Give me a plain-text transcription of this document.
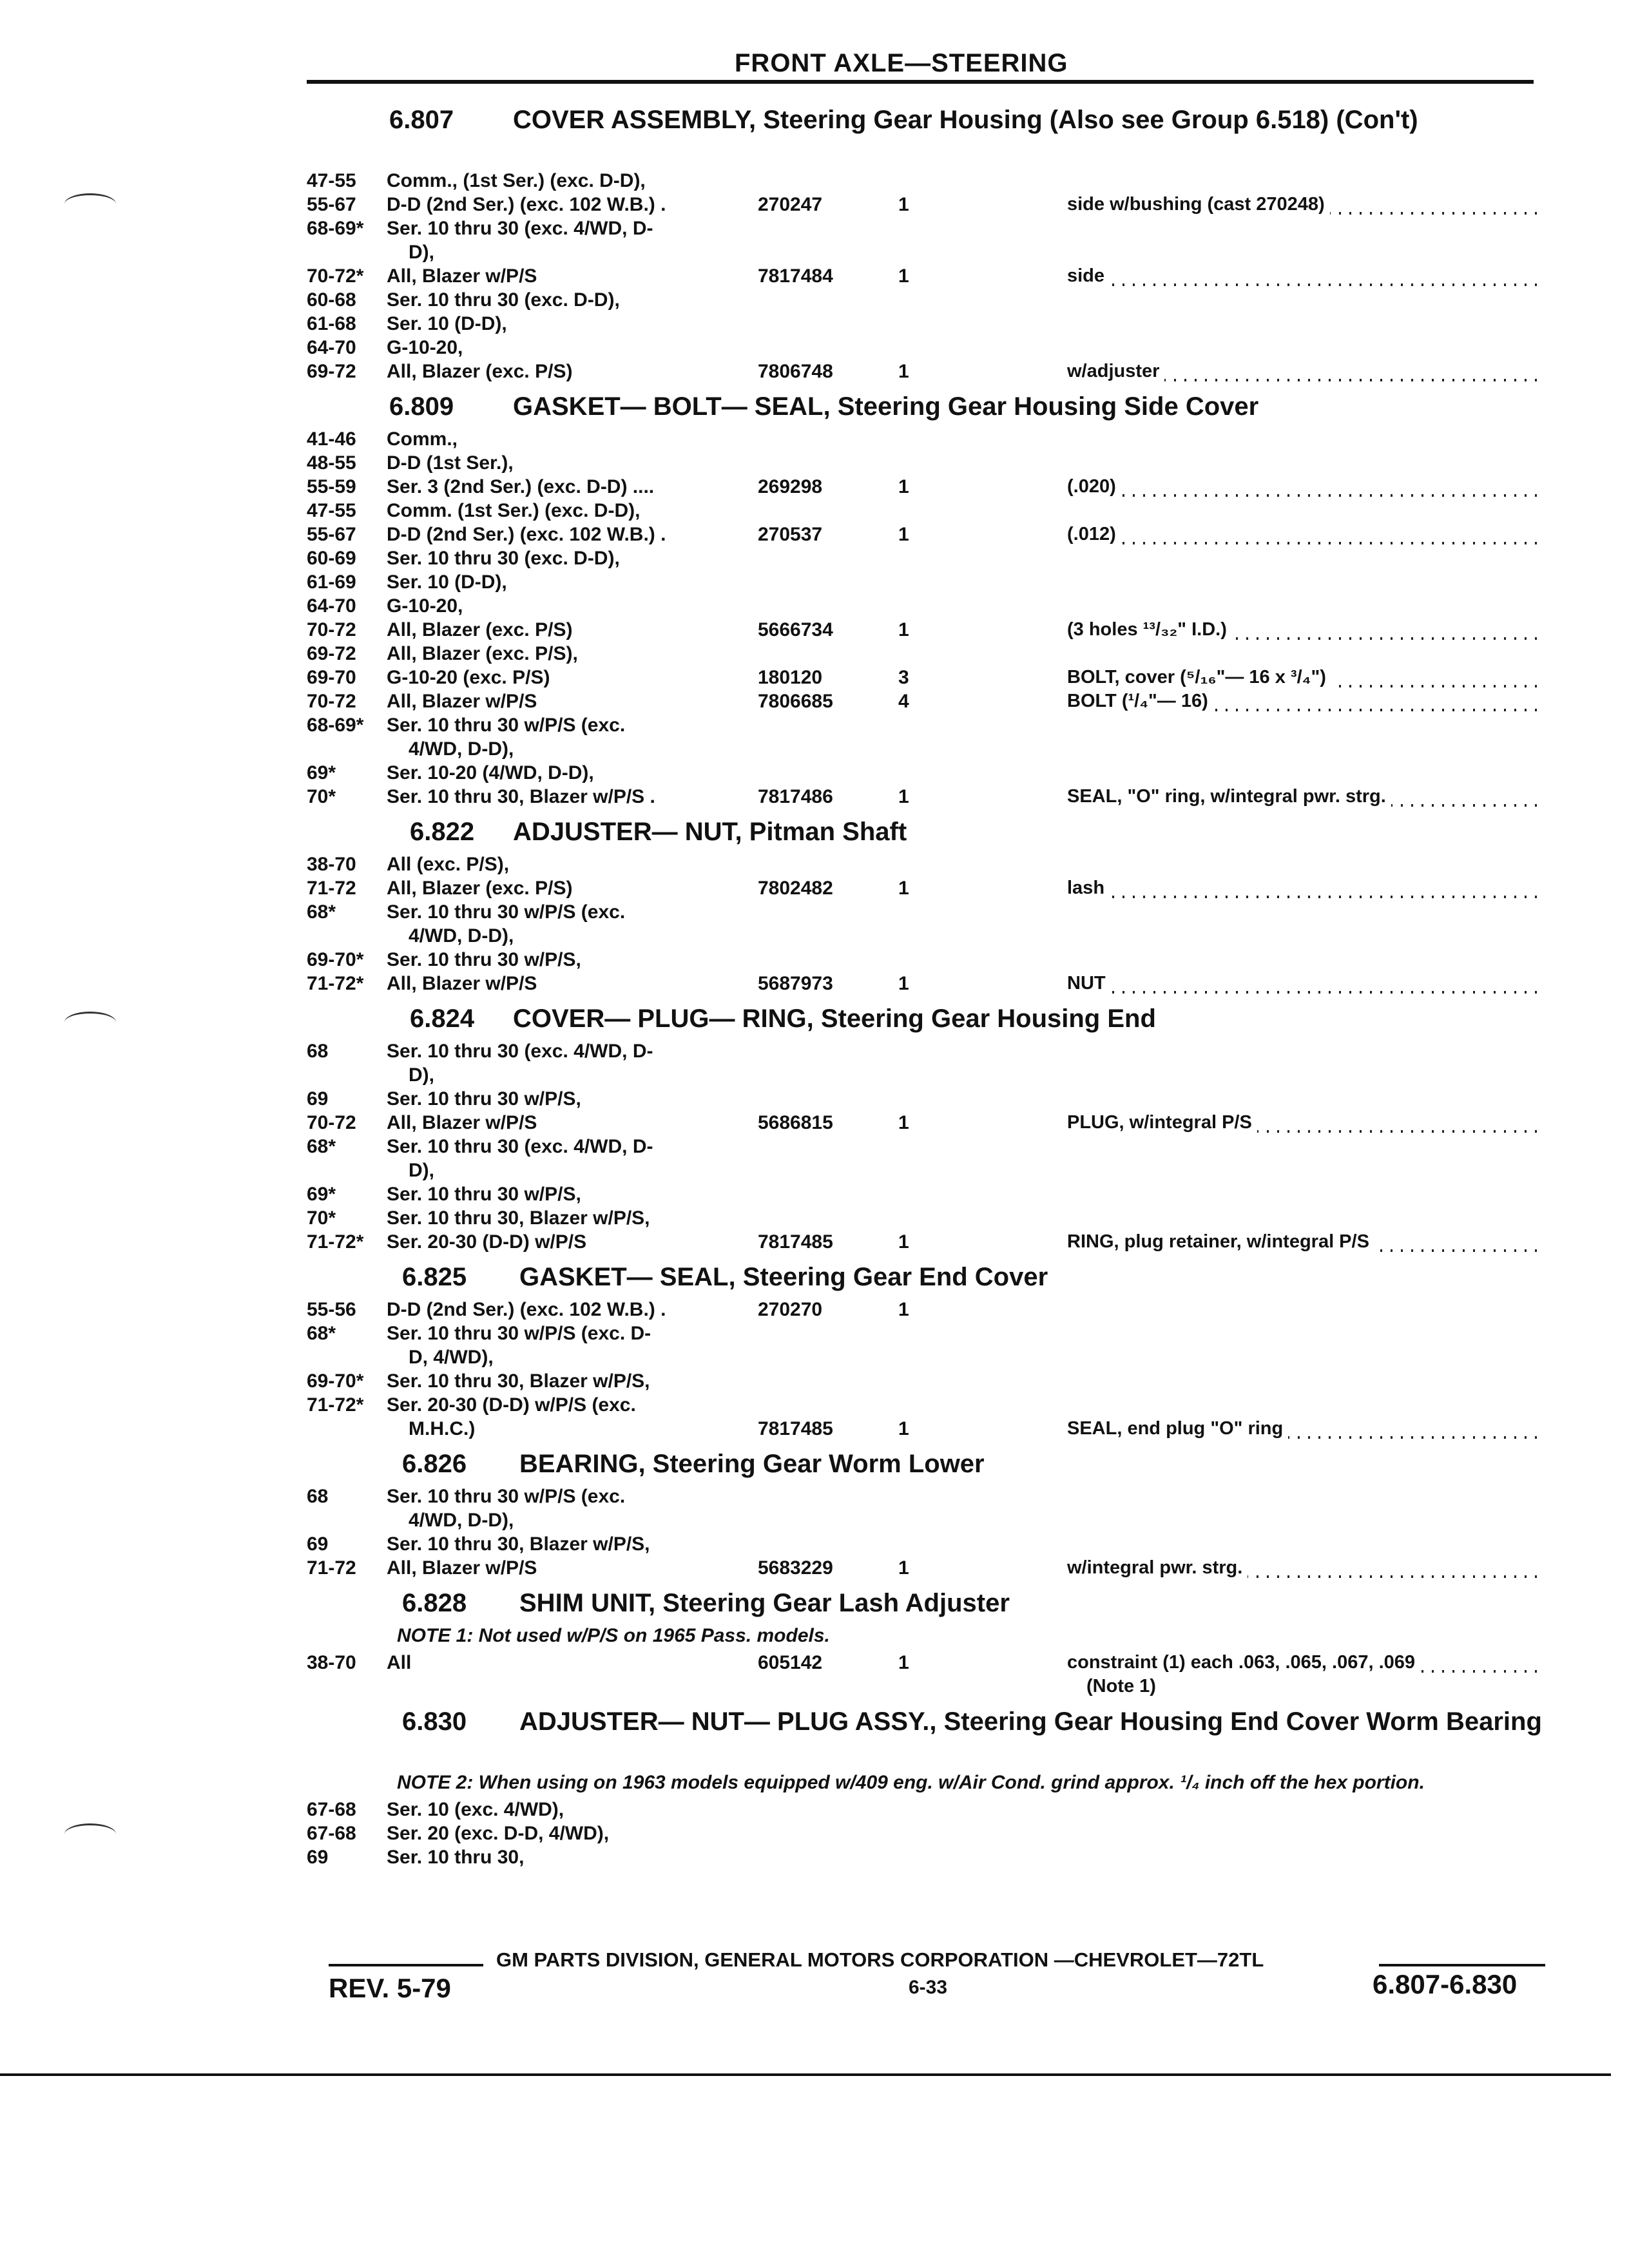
FRONT AXLE—STEERING
6.807 COVER ASSEMBLY, Steering Gear Housing (Also see Group 6.518) (Con't)
47-55	Comm., (1st Ser.) (exc. D-D),
55-67	D-D (2nd Ser.) (exc. 102 W.B.) .	270247	1	side w/bushing (cast 270248)
68-69*	Ser. 10 thru 30 (exc. 4/WD, D-
D),
70-72*	All, Blazer w/P/S	7817484	1	side
60-68	Ser. 10 thru 30 (exc. D-D),
61-68	Ser. 10 (D-D),
64-70	G-10-20,
69-72	All, Blazer (exc. P/S)	7806748	1	w/adjuster
6.809 GASKET— BOLT— SEAL, Steering Gear Housing Side Cover
41-46	Comm.,
48-55	D-D (1st Ser.),
55-59	Ser. 3 (2nd Ser.) (exc. D-D) ....	269298	1	(.020)
47-55	Comm. (1st Ser.) (exc. D-D),
55-67	D-D (2nd Ser.) (exc. 102 W.B.) .	270537	1	(.012)
60-69	Ser. 10 thru 30 (exc. D-D),
61-69	Ser. 10 (D-D),
64-70	G-10-20,
70-72	All, Blazer (exc. P/S)	5666734	1	(3 holes ¹³/₃₂" I.D.)
69-72	All, Blazer (exc. P/S),
69-70	G-10-20 (exc. P/S)	180120	3	BOLT, cover (⁵/₁₆"— 16 x ³/₄")
70-72	All, Blazer w/P/S	7806685	4	BOLT (¹/₄"— 16)
68-69*	Ser. 10 thru 30 w/P/S (exc.
4/WD, D-D),
69*	Ser. 10-20 (4/WD, D-D),
70*	Ser. 10 thru 30, Blazer w/P/S .	7817486	1	SEAL, "O" ring, w/integral pwr. strg.
6.822 ADJUSTER— NUT, Pitman Shaft
38-70	All (exc. P/S),
71-72	All, Blazer (exc. P/S)	7802482	1	lash
68*	Ser. 10 thru 30 w/P/S (exc.
4/WD, D-D),
69-70*	Ser. 10 thru 30 w/P/S,
71-72*	All, Blazer w/P/S	5687973	1	NUT
6.824 COVER— PLUG— RING, Steering Gear Housing End
68	Ser. 10 thru 30 (exc. 4/WD, D-
D),
69	Ser. 10 thru 30 w/P/S,
70-72	All, Blazer w/P/S	5686815	1	PLUG, w/integral P/S
68*	Ser. 10 thru 30 (exc. 4/WD, D-
D),
69*	Ser. 10 thru 30 w/P/S,
70*	Ser. 10 thru 30, Blazer w/P/S,
71-72*	Ser. 20-30 (D-D) w/P/S	7817485	1	RING, plug retainer, w/integral P/S
6.825 GASKET— SEAL, Steering Gear End Cover
55-56	D-D (2nd Ser.) (exc. 102 W.B.) .	270270	1
68*	Ser. 10 thru 30 w/P/S (exc. D-
D, 4/WD),
69-70*	Ser. 10 thru 30, Blazer w/P/S,
71-72*	Ser. 20-30 (D-D) w/P/S (exc.
M.H.C.)	7817485	1	SEAL, end plug "O" ring
6.826 BEARING, Steering Gear Worm Lower
68	Ser. 10 thru 30 w/P/S (exc.
4/WD, D-D),
69	Ser. 10 thru 30, Blazer w/P/S,
71-72	All, Blazer w/P/S	5683229	1	w/integral pwr. strg.
6.828 SHIM UNIT, Steering Gear Lash Adjuster
NOTE 1: Not used w/P/S on 1965 Pass. models.
38-70	All	605142	1	constraint (1) each .063, .065, .067, .069
(Note 1)
6.830 ADJUSTER— NUT— PLUG ASSY., Steering Gear Housing End Cover Worm Bearing
NOTE 2: When using on 1963 models equipped w/409 eng. w/Air Cond. grind approx. ¹/₄ inch off the hex portion.
67-68	Ser. 10 (exc. 4/WD),
67-68	Ser. 20 (exc. D-D, 4/WD),
69	Ser. 10 thru 30,
GM PARTS DIVISION, GENERAL MOTORS CORPORATION —CHEVROLET—72TL
REV. 5-79	6-33	6.807-6.830
